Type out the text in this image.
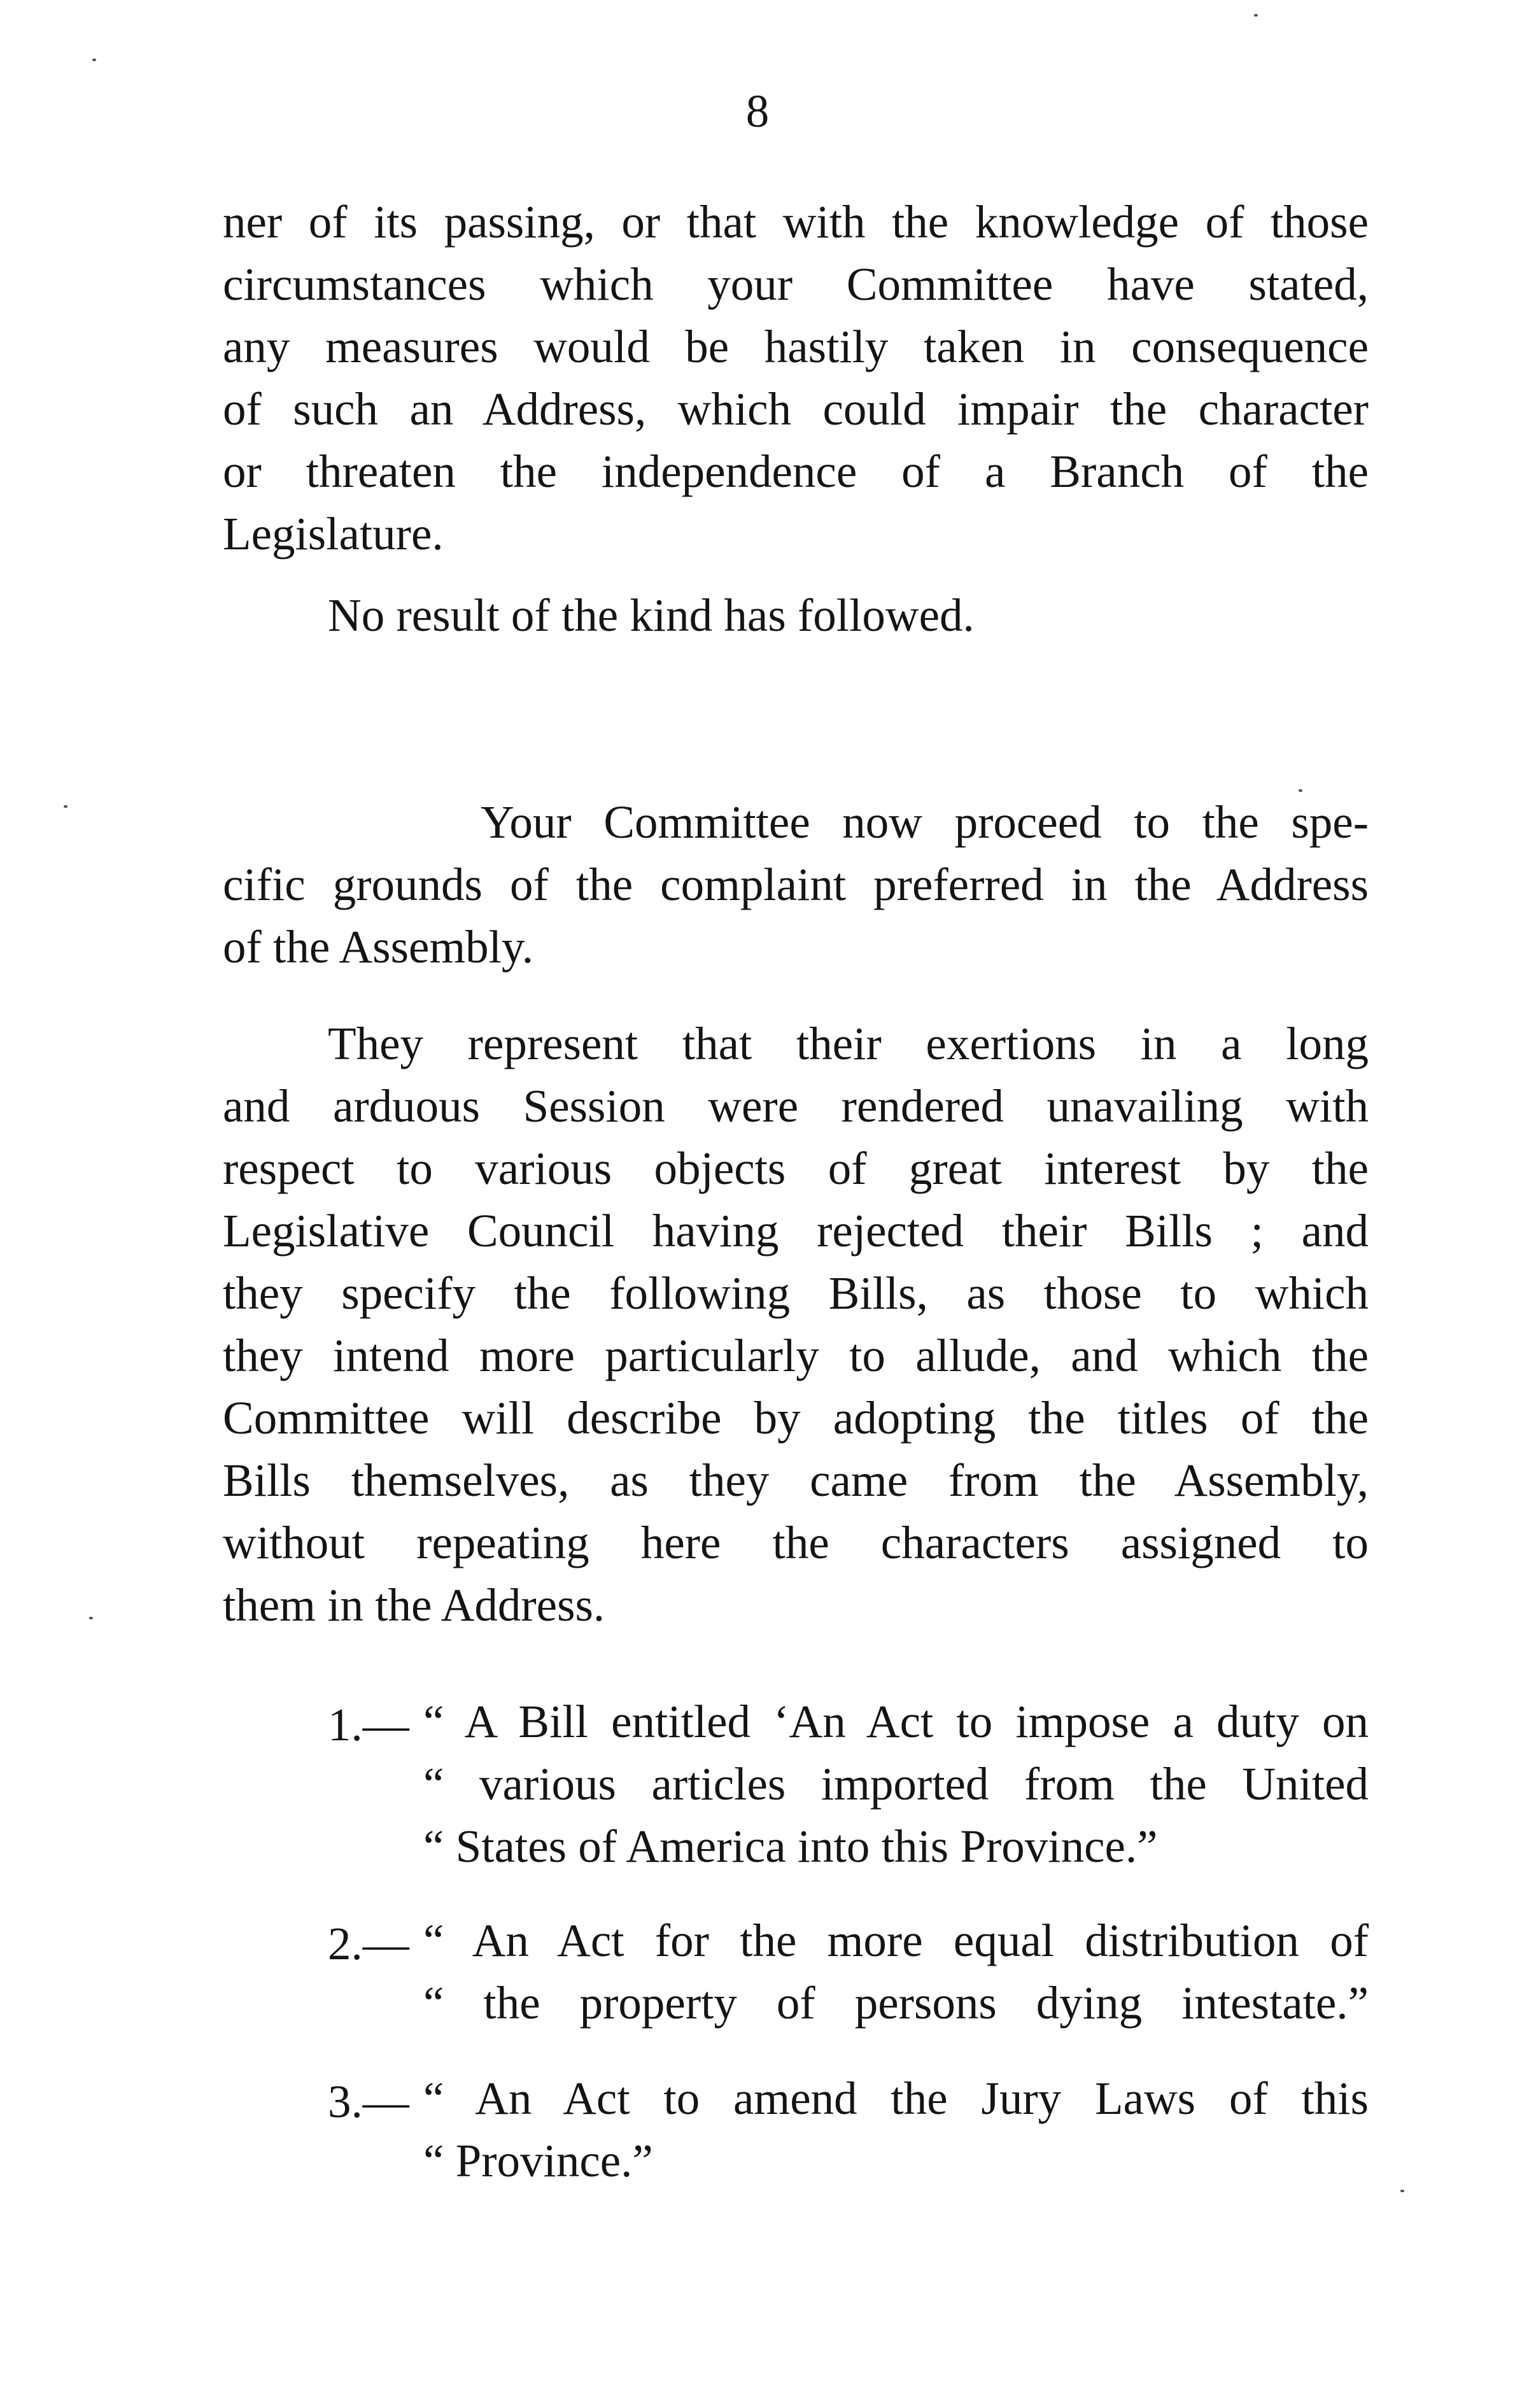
8
ner of its passing, or that with the knowledge of those
circumstances which your Committee have stated,
any measures would be hastily taken in consequence
of such an Address, which could impair the character
or threaten the independence of a Branch of the
Legislature.
No result of the kind has followed.
Your Committee now proceed to the spe-
cific grounds of the complaint preferred in the Address
of the Assembly.
They represent that their exertions in a long
and arduous Session were rendered unavailing with
respect to various objects of great interest by the
Legislative Council having rejected their Bills ; and
they specify the following Bills, as those to which
they intend more particularly to allude, and which the
Committee will describe by adopting the titles of the
Bills themselves, as they came from the Assembly,
without repeating here the characters assigned to
them in the Address.
1.— “ A Bill entitled ‘An Act to impose a duty on
“ various articles imported from the United
“ States of America into this Province.”
2.— “ An Act for the more equal distribution of
“ the property of persons dying intestate.”
3.— “ An Act to amend the Jury Laws of this
“ Province.”
